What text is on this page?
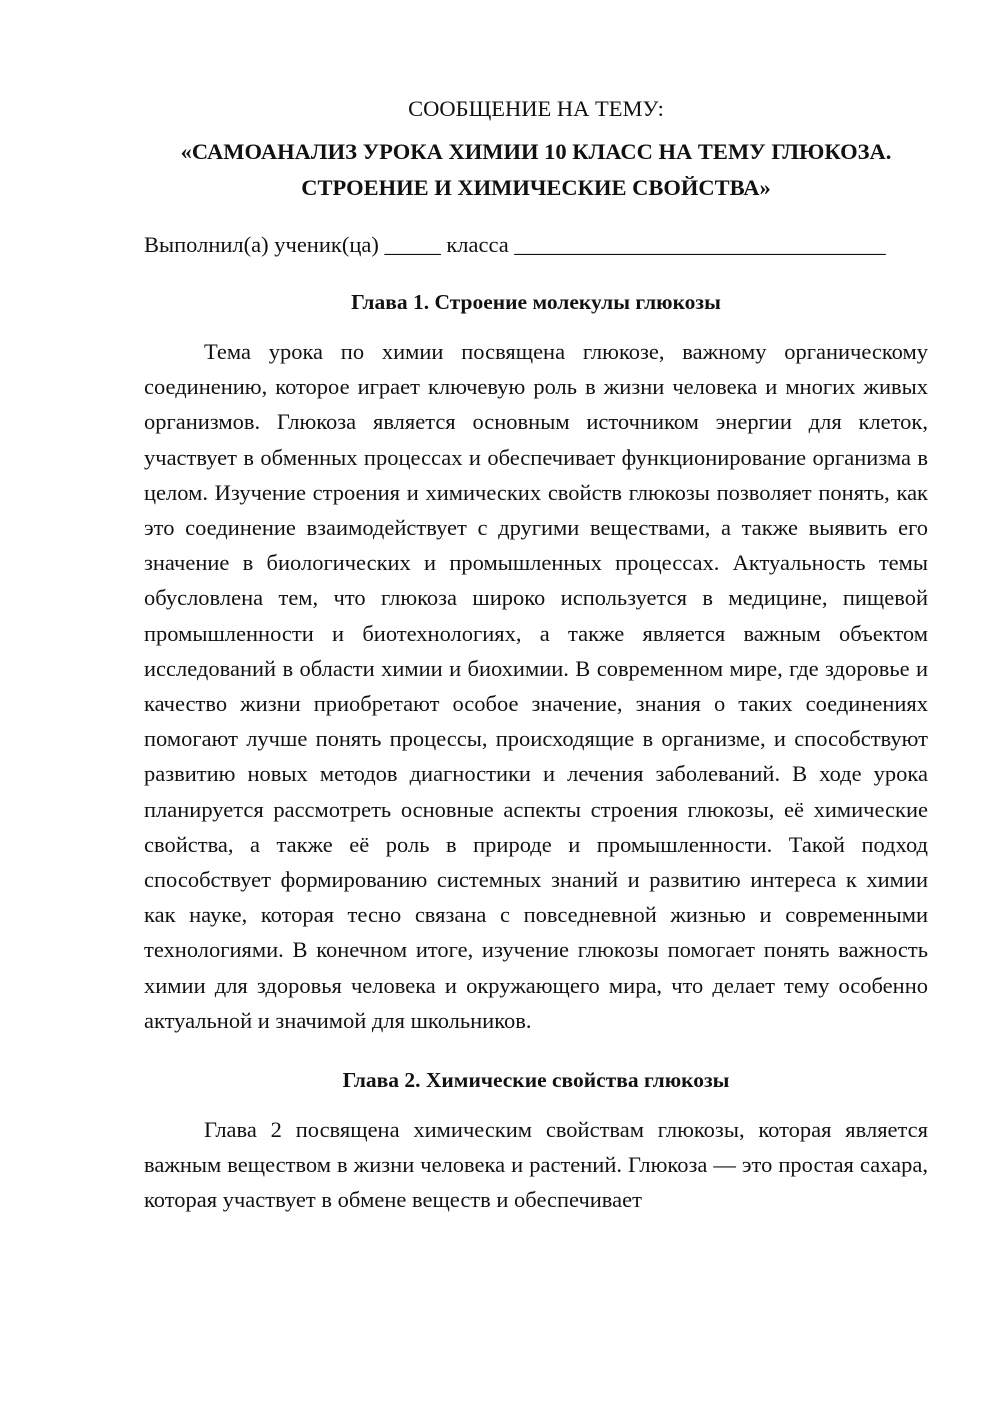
СООБЩЕНИЕ НА ТЕМУ:

«САМОАНАЛИЗ УРОКА ХИМИИ 10 КЛАСС НА ТЕМУ ГЛЮКОЗА.
СТРОЕНИЕ И ХИМИЧЕСКИЕ СВОЙСТВА»

Выполнил(а) ученик(ца) _____ класса _________________________________

Глава 1. Строение молекулы глюкозы

Тема урока по химии посвящена глюкозе, важному органическому соединению, которое играет ключевую роль в жизни человека и многих живых организмов. Глюкоза является основным источником энергии для клеток, участвует в обменных процессах и обеспечивает функционирование организма в целом. Изучение строения и химических свойств глюкозы позволяет понять, как это соединение взаимодействует с другими веществами, а также выявить его значение в биологических и промышленных процессах. Актуальность темы обусловлена тем, что глюкоза широко используется в медицине, пищевой промышленности и биотехнологиях, а также является важным объектом исследований в области химии и биохимии. В современном мире, где здоровье и качество жизни приобретают особое значение, знания о таких соединениях помогают лучше понять процессы, происходящие в организме, и способствуют развитию новых методов диагностики и лечения заболеваний. В ходе урока планируется рассмотреть основные аспекты строения глюкозы, её химические свойства, а также её роль в природе и промышленности. Такой подход способствует формированию системных знаний и развитию интереса к химии как науке, которая тесно связана с повседневной жизнью и современными технологиями. В конечном итоге, изучение глюкозы помогает понять важность химии для здоровья человека и окружающего мира, что делает тему особенно актуальной и значимой для школьников.

Глава 2. Химические свойства глюкозы

Глава 2 посвящена химическим свойствам глюкозы, которая является важным веществом в жизни человека и растений. Глюкоза — это простая сахара, которая участвует в обмене веществ и обеспечивает
